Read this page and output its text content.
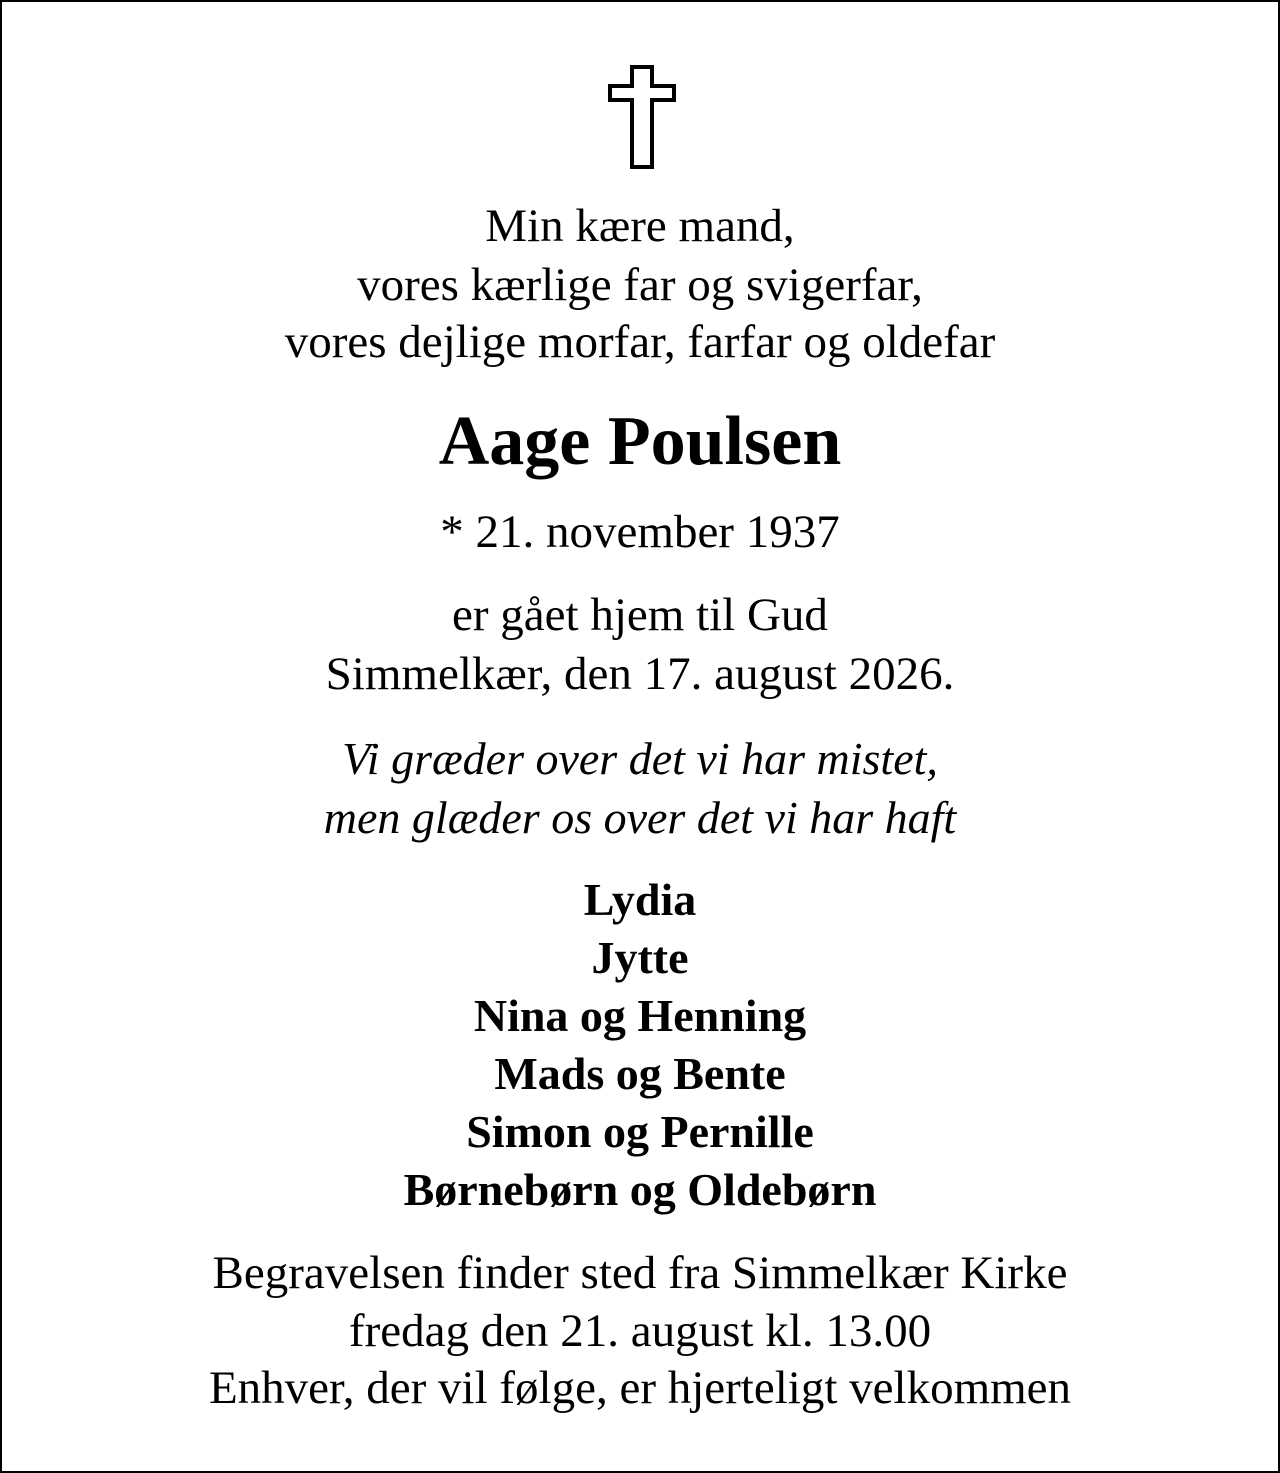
Min kære mand,
vores kærlige far og svigerfar,
vores dejlige morfar, farfar og oldefar
Aage Poulsen
* 21. november 1937
er gået hjem til Gud
Simmelkær, den 17. august 2026.
Vi græder over det vi har mistet,
men glæder os over det vi har haft
Lydia
Jytte
Nina og Henning
Mads og Bente
Simon og Pernille
Børnebørn og Oldebørn
Begravelsen finder sted fra Simmelkær Kirke
fredag den 21. august kl. 13.00
Enhver, der vil følge, er hjerteligt velkommen
